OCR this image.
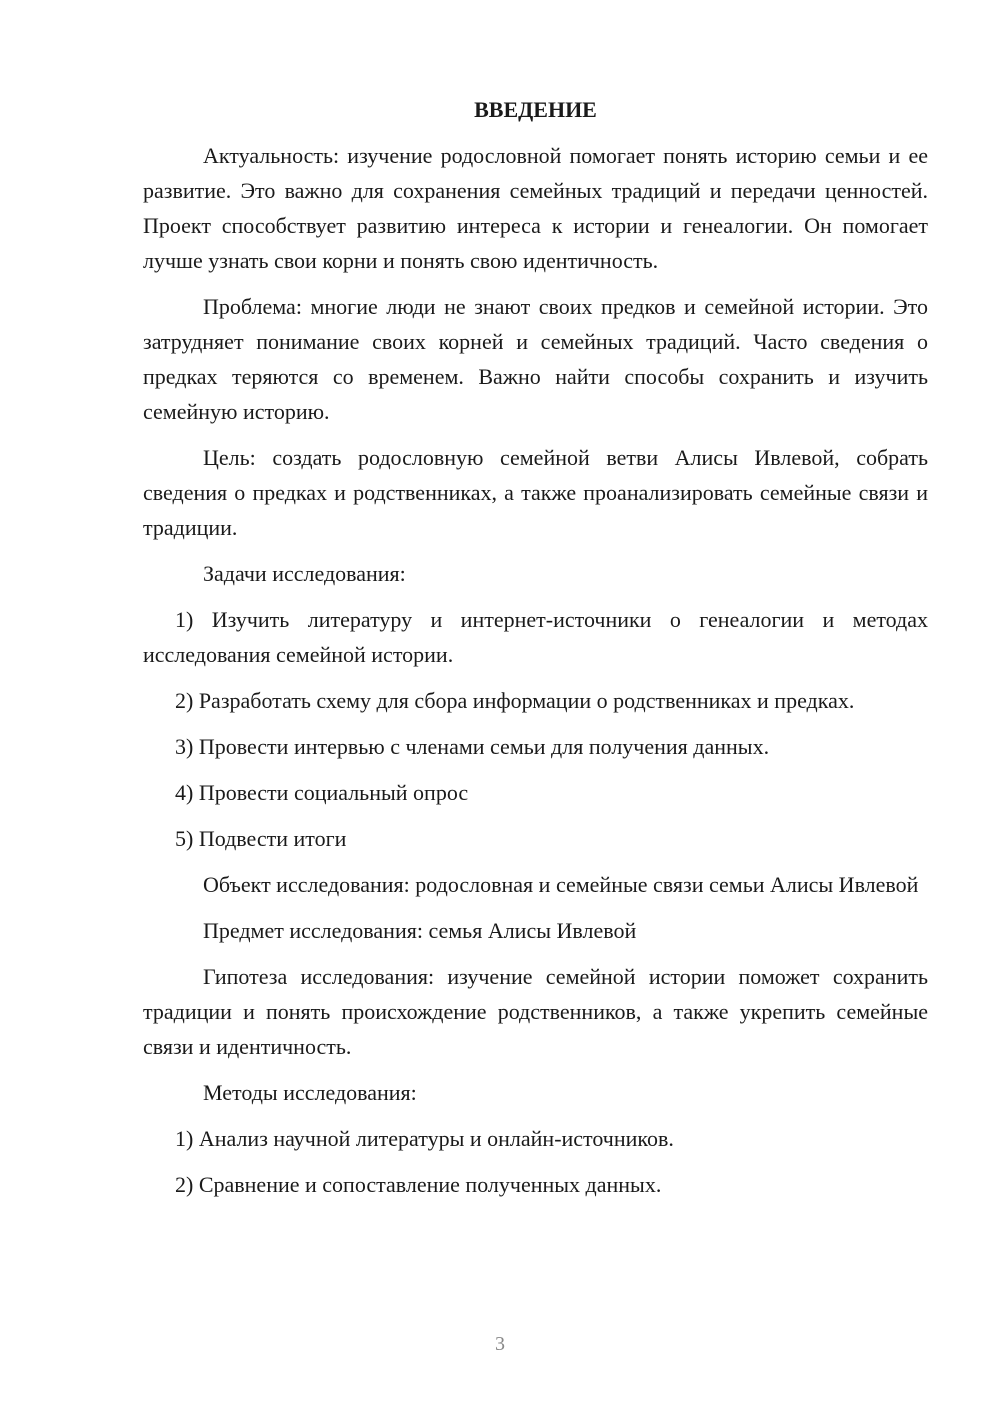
ВВЕДЕНИЕ

Актуальность: изучение родословной помогает понять историю семьи и ее развитие. Это важно для сохранения семейных традиций и передачи ценностей. Проект способствует развитию интереса к истории и генеалогии. Он помогает лучше узнать свои корни и понять свою идентичность.

Проблема: многие люди не знают своих предков и семейной истории. Это затрудняет понимание своих корней и семейных традиций. Часто сведения о предках теряются со временем. Важно найти способы сохранить и изучить семейную историю.

Цель: создать родословную семейной ветви Алисы Ивлевой, собрать сведения о предках и родственниках, а также проанализировать семейные связи и традиции.

Задачи исследования:

1) Изучить литературу и интернет-источники о генеалогии и методах исследования семейной истории.

2) Разработать схему для сбора информации о родственниках и предках.

3) Провести интервью с членами семьи для получения данных.

4) Провести социальный опрос

5) Подвести итоги

Объект исследования: родословная и семейные связи семьи Алисы Ивлевой

Предмет исследования: семья Алисы Ивлевой

Гипотеза исследования: изучение семейной истории поможет сохранить традиции и понять происхождение родственников, а также укрепить семейные связи и идентичность.

Методы исследования:

1) Анализ научной литературы и онлайн-источников.

2) Сравнение и сопоставление полученных данных.

3
